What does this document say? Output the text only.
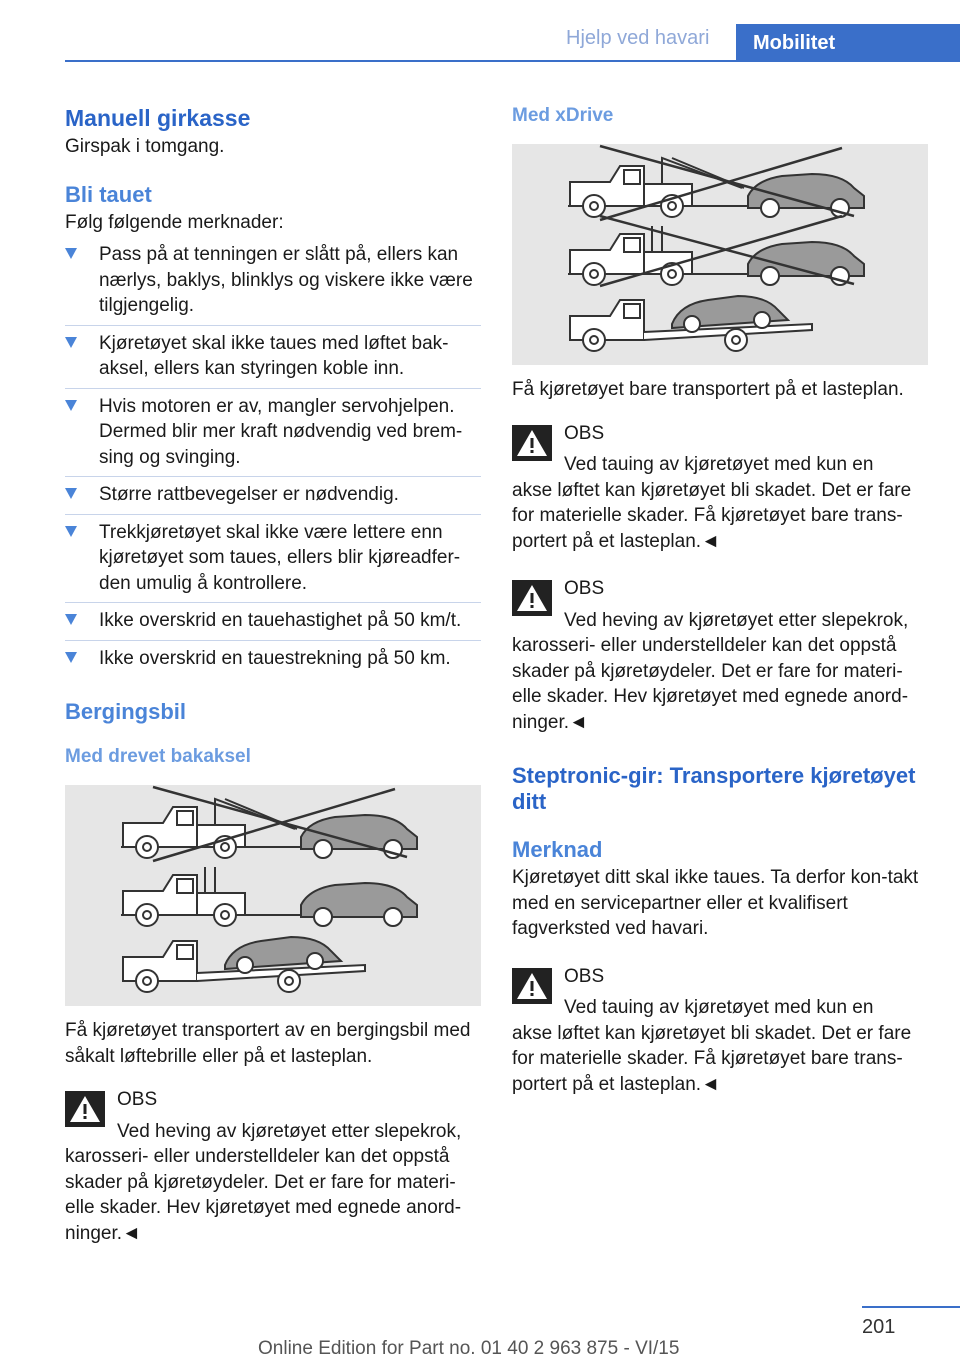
Hjelp ved havari	Mobilitet
Manuell girkasse
Girspak i tomgang.
Bli tauet
Følg følgende merknader:
Pass på at tenningen er slått på, ellers kan nærlys, baklys, blinklys og viskere ikke være tilgjengelig.
Kjøretøyet skal ikke taues med løftet bak-aksel, ellers kan styringen koble inn.
Hvis motoren er av, mangler servohjelpen. Dermed blir mer kraft nødvendig ved brem-sing og svinging.
Større rattbevegelser er nødvendig.
Trekkjøretøyet skal ikke være lettere enn kjøretøyet som taues, ellers blir kjøreadfer-den umulig å kontrollere.
Ikke overskrid en tauehastighet på 50 km/t.
Ikke overskrid en tauestrekning på 50 km.
Bergingsbil
Med drevet bakaksel
Få kjøretøyet transportert av en bergingsbil med såkalt løftebrille eller på et lasteplan.
OBS
Ved heving av kjøretøyet etter slepekrok,
karosseri- eller understelldeler kan det oppstå skader på kjøretøydeler. Det er fare for materi-elle skader. Hev kjøretøyet med egnede anord-ninger.◄
Med xDrive
Få kjøretøyet bare transportert på et lasteplan.
OBS
Ved tauing av kjøretøyet med kun en
akse løftet kan kjøretøyet bli skadet. Det er fare for materielle skader. Få kjøretøyet bare trans-portert på et lasteplan.◄
OBS
Ved heving av kjøretøyet etter slepekrok,
karosseri- eller understelldeler kan det oppstå skader på kjøretøydeler. Det er fare for materi-elle skader. Hev kjøretøyet med egnede anord-ninger.◄
Steptronic-gir: Transportere kjøretøyet ditt
Merknad
Kjøretøyet ditt skal ikke taues. Ta derfor kon-takt med en servicepartner eller et kvalifisert fagverksted ved havari.
OBS
Ved tauing av kjøretøyet med kun en
akse løftet kan kjøretøyet bli skadet. Det er fare for materielle skader. Få kjøretøyet bare trans-portert på et lasteplan.◄
201
Online Edition for Part no. 01 40 2 963 875 - VI/15
